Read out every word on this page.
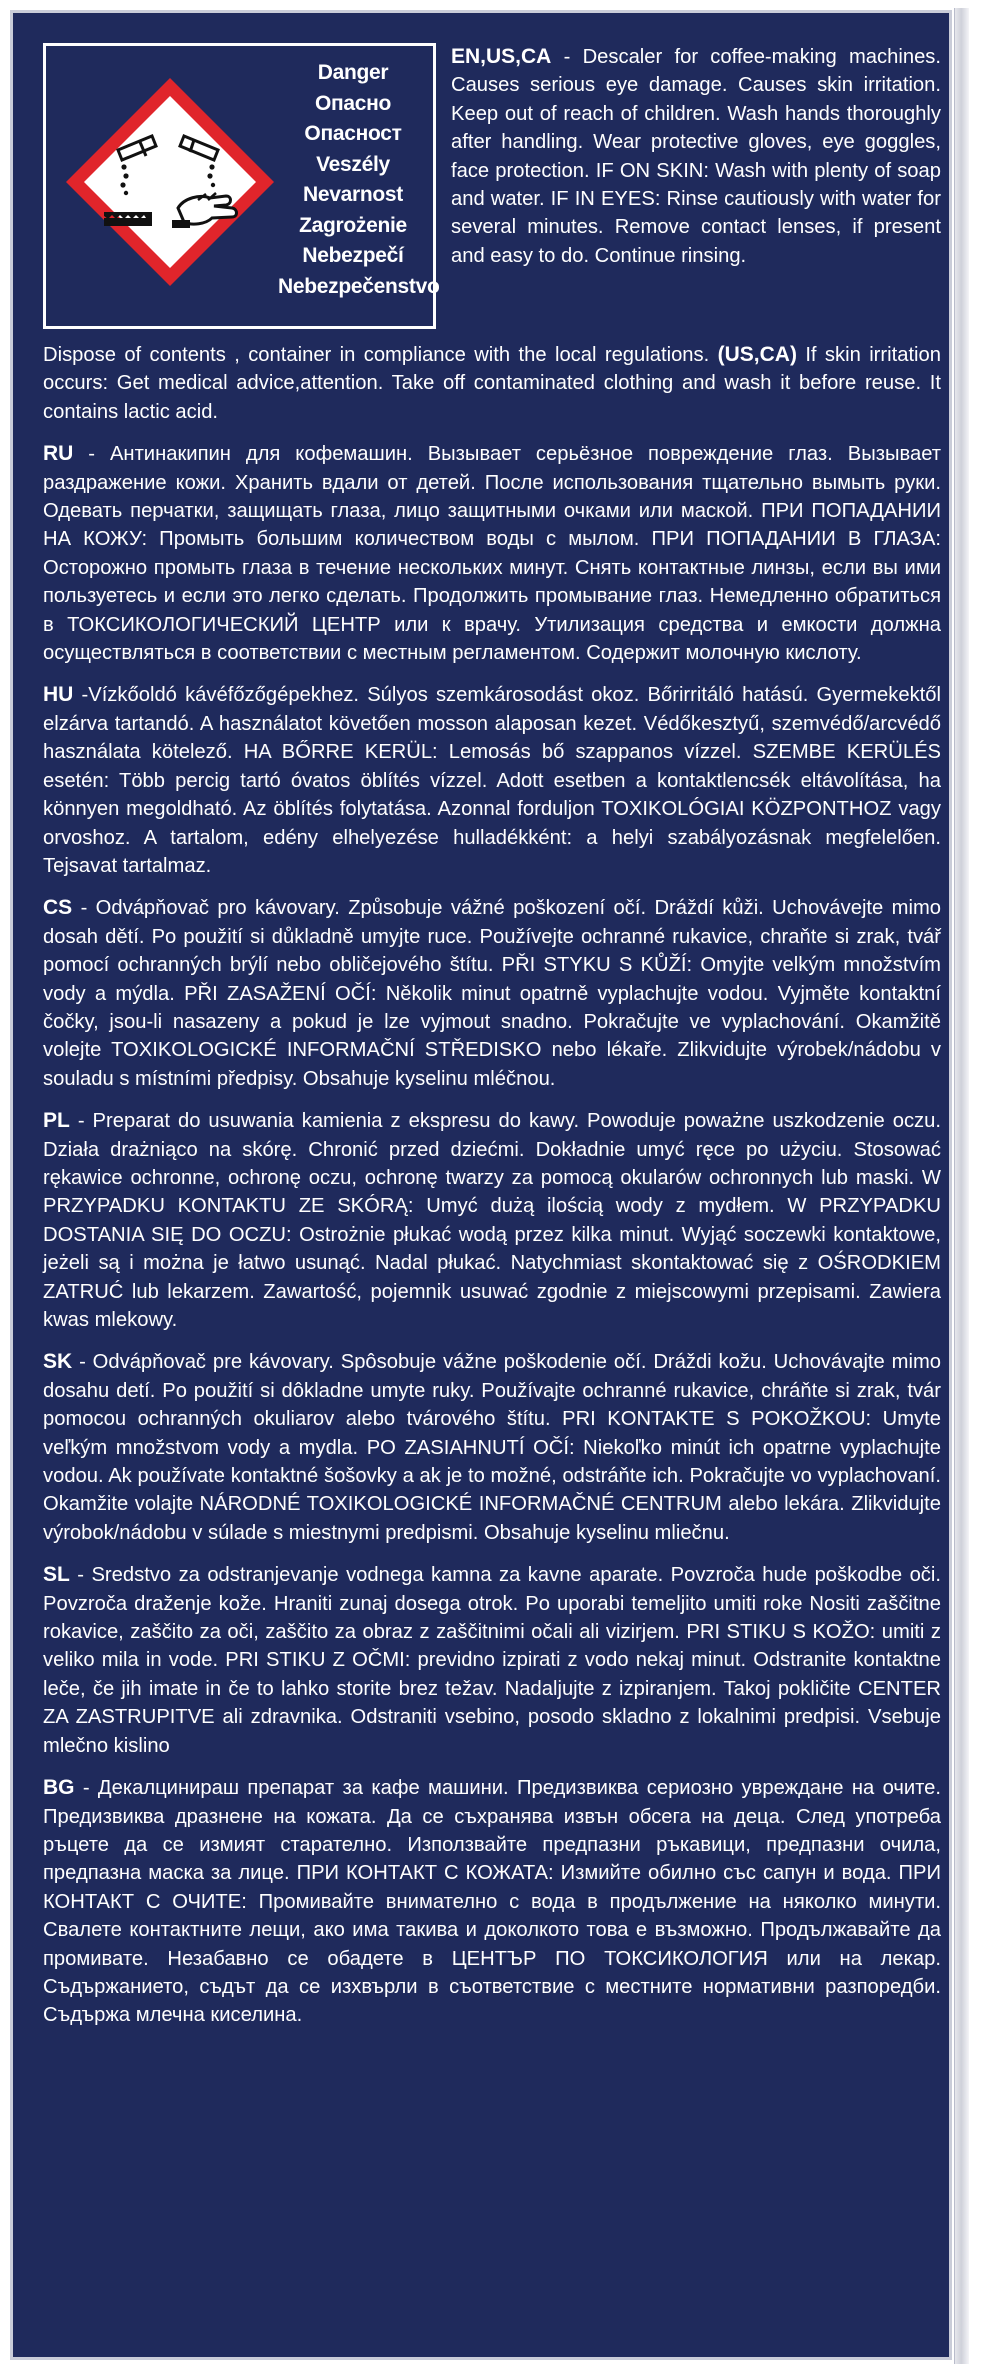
Danger
Опасно
Опасност
Veszély
Nevarnost
Zagrożenie
Nebezpečí
Nebezpečenstvo
EN,US,CA - Descaler for coffee-making machines. Causes serious eye damage. Causes skin irritation. Keep out of reach of children. Wash hands thoroughly after handling. Wear protective gloves, eye goggles, face protection. IF ON SKIN: Wash with plenty of soap and water. IF IN EYES: Rinse cautiously with water for several minutes. Remove contact lenses, if present and easy to do. Continue rinsing.
Dispose of contents , container in compliance with the local regulations. (US,CA) If skin irritation occurs: Get medical advice,attention. Take off contaminated clothing and wash it before reuse. It contains lactic acid.
RU - Антинакипин для кофемашин. Вызывает серьёзное повреждение глаз. Вызывает раздражение кожи. Хранить вдали от детей. После использования тщательно вымыть руки. Одевать перчатки, защищать глаза, лицо защитными очками или маской. ПРИ ПОПАДАНИИ НА КОЖУ: Промыть большим количеством воды с мылом. ПРИ ПОПАДАНИИ В ГЛАЗА: Осторожно промыть глаза в течение нескольких минут. Снять контактные линзы, если вы ими пользуетесь и если это легко сделать. Продолжить промывание глаз. Немедленно обратиться в ТОКСИКОЛОГИЧЕСКИЙ ЦЕНТР или к врачу. Утилизация средства и емкости должна осуществляться в соответствии с местным регламентом. Содержит молочную кислоту.
HU -Vízkőoldó kávéfőzőgépekhez. Súlyos szemkárosodást okoz. Bőrirritáló hatású. Gyermekektől elzárva tartandó. A használatot követően mosson alaposan kezet. Védőkesztyű, szemvédő/arcvédő használata kötelező. HA BŐRRE KERÜL: Lemosás bő szappanos vízzel. SZEMBE KERÜLÉS esetén: Több percig tartó óvatos öblítés vízzel. Adott esetben a kontaktlencsék eltávolítása, ha könnyen megoldható. Az öblítés folytatása. Azonnal forduljon TOXIKOLÓGIAI KÖZPONTHOZ vagy orvoshoz. A tartalom, edény elhelyezése hulladékként: a helyi szabályozásnak megfelelően. Tejsavat tartalmaz.
CS - Odvápňovač pro kávovary. Způsobuje vážné poškození očí. Dráždí kůži. Uchovávejte mimo dosah dětí. Po použití si důkladně umyjte ruce. Používejte ochranné rukavice, chraňte si zrak, tvář pomocí ochranných brýlí nebo obličejového štítu. PŘI STYKU S KŮŽÍ: Omyjte velkým množstvím vody a mýdla. PŘI ZASAŽENÍ OČÍ: Několik minut opatrně vyplachujte vodou. Vyjměte kontaktní čočky, jsou-li nasazeny a pokud je lze vyjmout snadno. Pokračujte ve vyplachování. Okamžitě volejte TOXIKOLOGICKÉ INFORMAČNÍ STŘEDISKO nebo lékaře. Zlikvidujte výrobek/nádobu v souladu s místními předpisy. Obsahuje kyselinu mléčnou.
PL - Preparat do usuwania kamienia z ekspresu do kawy. Powoduje poważne uszkodzenie oczu. Działa drażniąco na skórę. Chronić przed dziećmi. Dokładnie umyć ręce po użyciu. Stosować rękawice ochronne, ochronę oczu, ochronę twarzy za pomocą okularów ochronnych lub maski. W PRZYPADKU KONTAKTU ZE SKÓRĄ: Umyć dużą ilością wody z mydłem. W PRZYPADKU DOSTANIA SIĘ DO OCZU: Ostrożnie płukać wodą przez kilka minut. Wyjąć soczewki kontaktowe, jeżeli są i można je łatwo usunąć. Nadal płukać. Natychmiast skontaktować się z OŚRODKIEM ZATRUĆ lub lekarzem. Zawartość, pojemnik usuwać zgodnie z miejscowymi przepisami. Zawiera kwas mlekowy.
SK - Odvápňovač pre kávovary. Spôsobuje vážne poškodenie očí. Dráždi kožu. Uchovávajte mimo dosahu detí. Po použití si dôkladne umyte ruky. Používajte ochranné rukavice, chráňte si zrak, tvár pomocou ochranných okuliarov alebo tvárového štítu. PRI KONTAKTE S POKOŽKOU: Umyte veľkým množstvom vody a mydla. PO ZASIAHNUTÍ OČÍ: Niekoľko minút ich opatrne vyplachujte vodou. Ak používate kontaktné šošovky a ak je to možné, odstráňte ich. Pokračujte vo vyplachovaní. Okamžite volajte NÁRODNÉ TOXIKOLOGICKÉ INFORMAČNÉ CENTRUM alebo lekára. Zlikvidujte výrobok/nádobu v súlade s miestnymi predpismi. Obsahuje kyselinu mliečnu.
SL - Sredstvo za odstranjevanje vodnega kamna za kavne aparate. Povzroča hude poškodbe oči. Povzroča draženje kože. Hraniti zunaj dosega otrok. Po uporabi temeljito umiti roke Nositi zaščitne rokavice, zaščito za oči, zaščito za obraz z zaščitnimi očali ali vizirjem. PRI STIKU S KOŽO: umiti z veliko mila in vode. PRI STIKU Z OČMI: previdno izpirati z vodo nekaj minut. Odstranite kontaktne leče, če jih imate in če to lahko storite brez težav. Nadaljujte z izpiranjem. Takoj pokličite CENTER ZA ZASTRUPITVE ali zdravnika. Odstraniti vsebino, posodo skladno z lokalnimi predpisi. Vsebuje mlečno kislino
BG - Декалцинираш препарат за кафе машини. Предизвиква сериозно увреждане на очите. Предизвиква дразнене на кожата. Да се съхранява извън обсега на деца. След употреба ръцете да се измият старателно. Използвайте предпазни ръкавици, предпазни очила, предпазна маска за лице. ПРИ КОНТАКТ С КОЖАТА: Измийте обилно със сапун и вода. ПРИ КОНТАКТ С ОЧИТЕ: Промивайте внимателно с вода в продължение на няколко минути. Свалете контактните лещи, ако има такива и доколкото това е възможно. Продължавайте да промивате. Незабавно се обадете в ЦЕНТЪР ПО ТОКСИКОЛОГИЯ или на лекар. Съдържанието, съдът да се изхвърли в съответствие с местните нормативни разпоредби. Съдържа млечна киселина.
